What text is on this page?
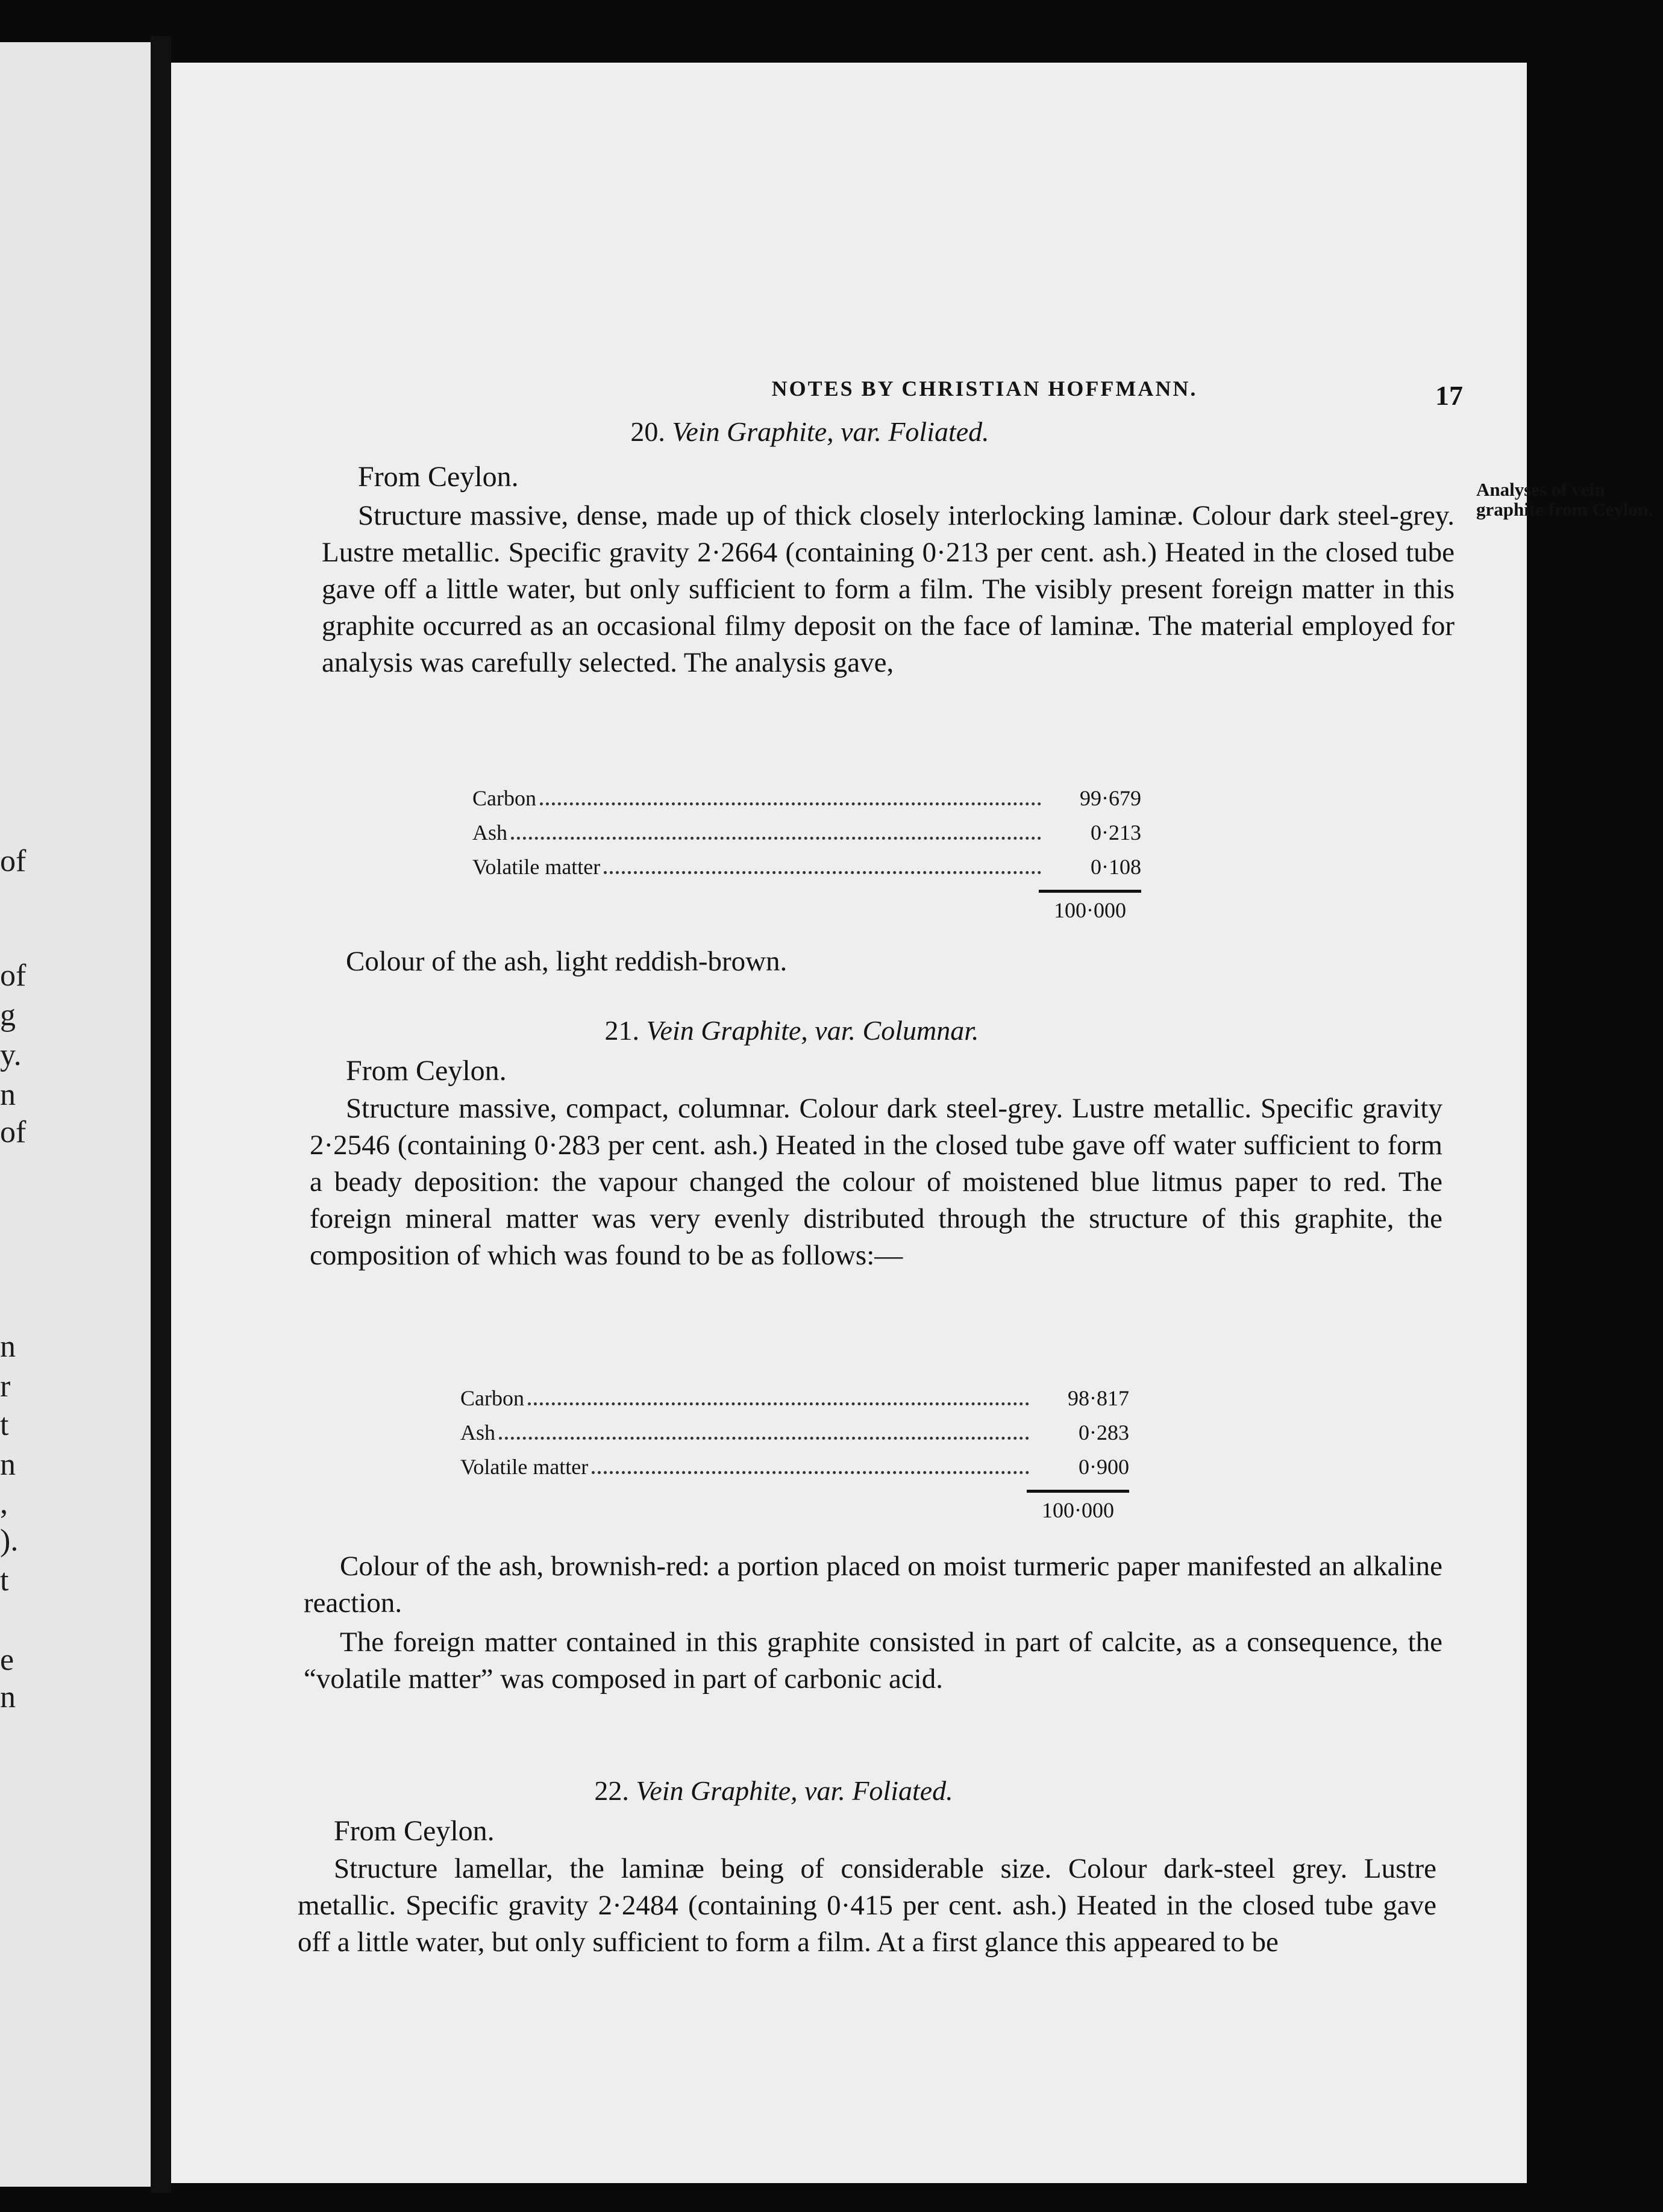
of
of
g
y.
n
of
n
r
t
n
,
).
t
e
n
NOTES BY CHRISTIAN HOFFMANN.	17
Analyses of vein graphite from Ceylon.
20. Vein Graphite, var. Foliated.
From Ceylon.

Structure massive, dense, made up of thick closely interlocking laminæ. Colour dark steel-grey. Lustre metallic. Specific gravity 2·2664 (containing 0·213 per cent. ash.) Heated in the closed tube gave off a little water, but only sufficient to form a film. The visibly present foreign matter in this graphite occurred as an occasional filmy deposit on the face of laminæ. The material employed for analysis was carefully selected. The analysis gave,

Carbon	99·679
Ash	0·213
Volatile matter	0·108
100·000

Colour of the ash, light reddish-brown.

21. Vein Graphite, var. Columnar.
From Ceylon.

Structure massive, compact, columnar. Colour dark steel-grey. Lustre metallic. Specific gravity 2·2546 (containing 0·283 per cent. ash.) Heated in the closed tube gave off water sufficient to form a beady deposition: the vapour changed the colour of moistened blue litmus paper to red. The foreign mineral matter was very evenly distributed through the structure of this graphite, the composition of which was found to be as follows:—

Carbon	98·817
Ash	0·283
Volatile matter	0·900
100·000

Colour of the ash, brownish-red: a portion placed on moist turmeric paper manifested an alkaline reaction.

The foreign matter contained in this graphite consisted in part of calcite, as a consequence, the “volatile matter” was composed in part of carbonic acid.

22. Vein Graphite, var. Foliated.
From Ceylon.

Structure lamellar, the laminæ being of considerable size. Colour dark-steel grey. Lustre metallic. Specific gravity 2·2484 (containing 0·415 per cent. ash.) Heated in the closed tube gave off a little water, but only sufficient to form a film. At a first glance this appeared to be
